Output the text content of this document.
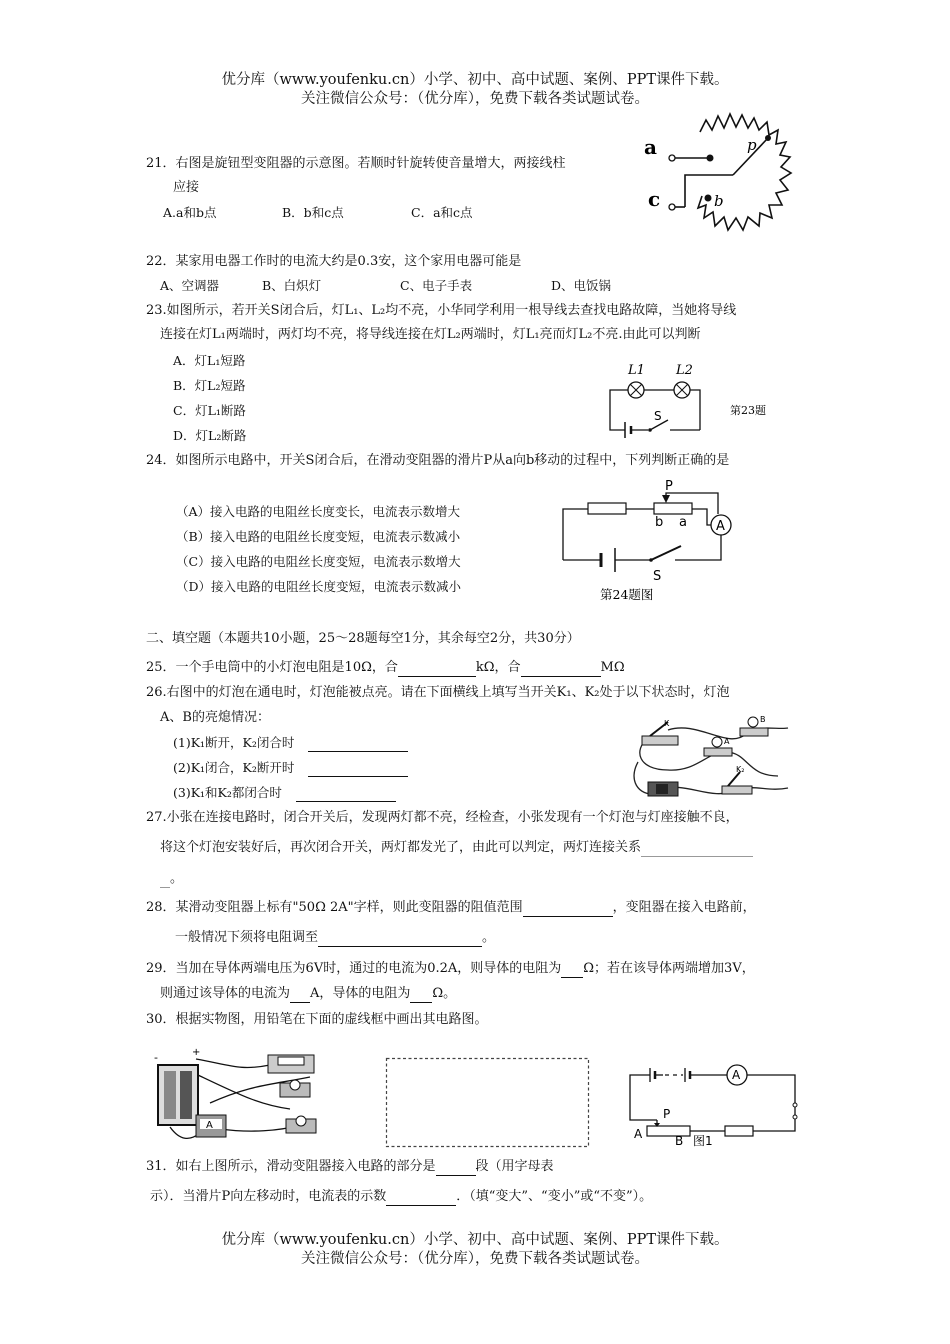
优分库（www.youfenku.cn）小学、初中、高中试题、案例、PPT课件下载。
关注微信公众号：（优分库），免费下载各类试题试卷。
21．右图是旋钮型变阻器的示意图。若顺时针旋转使音量增大，两接线柱
应接
A.a和b点	B．b和c点	C．a和c点
a
c
p
b
22．某家用电器工作时的电流大约是0.3安，这个家用电器可能是
A、空调器	B、白炽灯	C、电子手表	D、电饭锅
23.如图所示，若开关S闭合后，灯L₁、L₂均不亮，小华同学利用一根导线去查找电路故障，当她将导线
连接在灯L₁两端时，两灯均不亮，将导线连接在灯L₂两端时，灯L₁亮而灯L₂不亮.由此可以判断
A．灯L₁短路
B．灯L₂短路
C．灯L₁断路
D．灯L₂断路
L1 L2
S	第23题
24．如图所示电路中，开关S闭合后，在滑动变阻器的滑片P从a向b移动的过程中，下列判断正确的是
（A）接入电路的电阻丝长度变长，电流表示数增大
（B）接入电路的电阻丝长度变短，电流表示数减小
（C）接入电路的电阻丝长度变短，电流表示数增大
（D）接入电路的电阻丝长度变短，电流表示数减小
P
b a A
S
第24题图
二、填空题（本题共10小题，25～28题每空1分，其余每空2分，共30分）
25．一个手电筒中的小灯泡电阻是10Ω，合	kΩ，合	MΩ
26.右图中的灯泡在通电时，灯泡能被点亮。请在下面横线上填写当开关K₁、K₂处于以下状态时，灯泡
A、B的亮熄情况：
(1)K₁断开，K₂闭合时
(2)K₁闭合，K₂断开时
(3)K₁和K₂都闭合时
K	B
A
K₂
27.小张在连接电路时，闭合开关后，发现两灯都不亮，经检查，小张发现有一个灯泡与灯座接触不良，
将这个灯泡安装好后，再次闭合开关，两灯都发光了，由此可以判定，两灯连接关系
。
28．某滑动变阻器上标有"50Ω 2A"字样，则此变阻器的阻值范围	，变阻器在接入电路前，
一般情况下须将电阻调至	。
29．当加在导体两端电压为6V时，通过的电流为0.2A，则导体的电阻为 Ω；若在该导体两端增加3V，
则通过该导体的电流为 A，导体的电阻为 Ω。
30．根据实物图，用铅笔在下面的虚线框中画出其电路图。
-	+
A
A
P
A	B 图1
31．如右上图所示，滑动变阻器接入电路的部分是	段（用字母表
示）．当滑片P向左移动时，电流表的示数	．（填“变大”、“变小”或“不变”）。
优分库（www.youfenku.cn）小学、初中、高中试题、案例、PPT课件下载。
关注微信公众号：（优分库），免费下载各类试题试卷。
